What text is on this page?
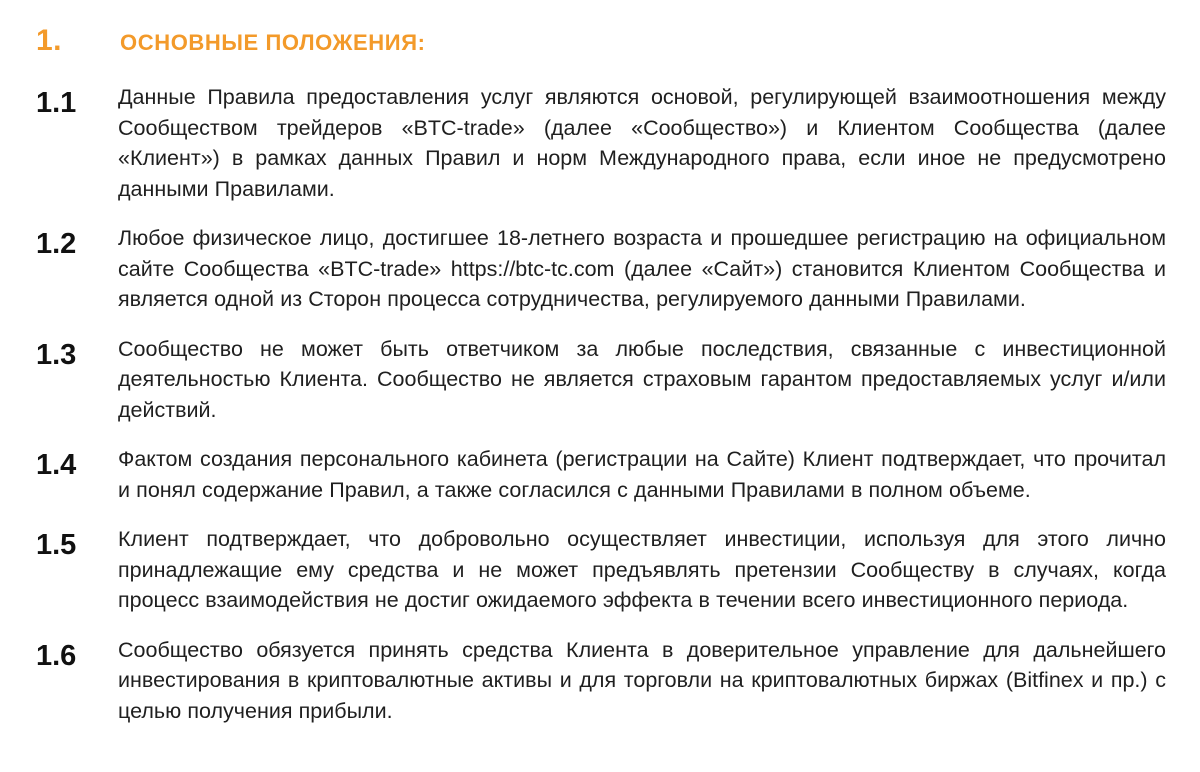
1.	ОСНОВНЫЕ ПОЛОЖЕНИЯ:
1.1	Данные Правила предоставления услуг являются основой, регулирующей взаимоотношения между Сообществом трейдеров «BTC-trade» (далее «Сообщество») и Клиентом Сообщества (далее «Клиент») в рамках данных Правил и норм Международного права, если иное не предусмотрено данными Правилами.
1.2	Любое физическое лицо, достигшее 18-летнего возраста и прошедшее регистрацию на официальном сайте Сообщества «BTC-trade» https://btc-tc.com (далее «Сайт») становится Клиентом Сообщества и является одной из Сторон процесса сотрудничества, регулируемого данными Правилами.
1.3	Сообщество не может быть ответчиком за любые последствия, связанные с инвестиционной деятельностью Клиента. Сообщество не является страховым гарантом предоставляемых услуг и/или действий.
1.4	Фактом создания персонального кабинета (регистрации на Сайте) Клиент подтверждает, что прочитал и понял содержание Правил, а также согласился с данными Правилами в полном объеме.
1.5	Клиент подтверждает, что добровольно осуществляет инвестиции, используя для этого лично принадлежащие ему средства и не может предъявлять претензии Сообществу в случаях, когда процесс взаимодействия не достиг ожидаемого эффекта в течении всего инвестиционного периода.
1.6	Сообщество обязуется принять средства Клиента в доверительное управление для дальнейшего инвестирования в криптовалютные активы и для торговли на криптовалютных биржах (Bitfinex и пр.) с целью получения прибыли.
